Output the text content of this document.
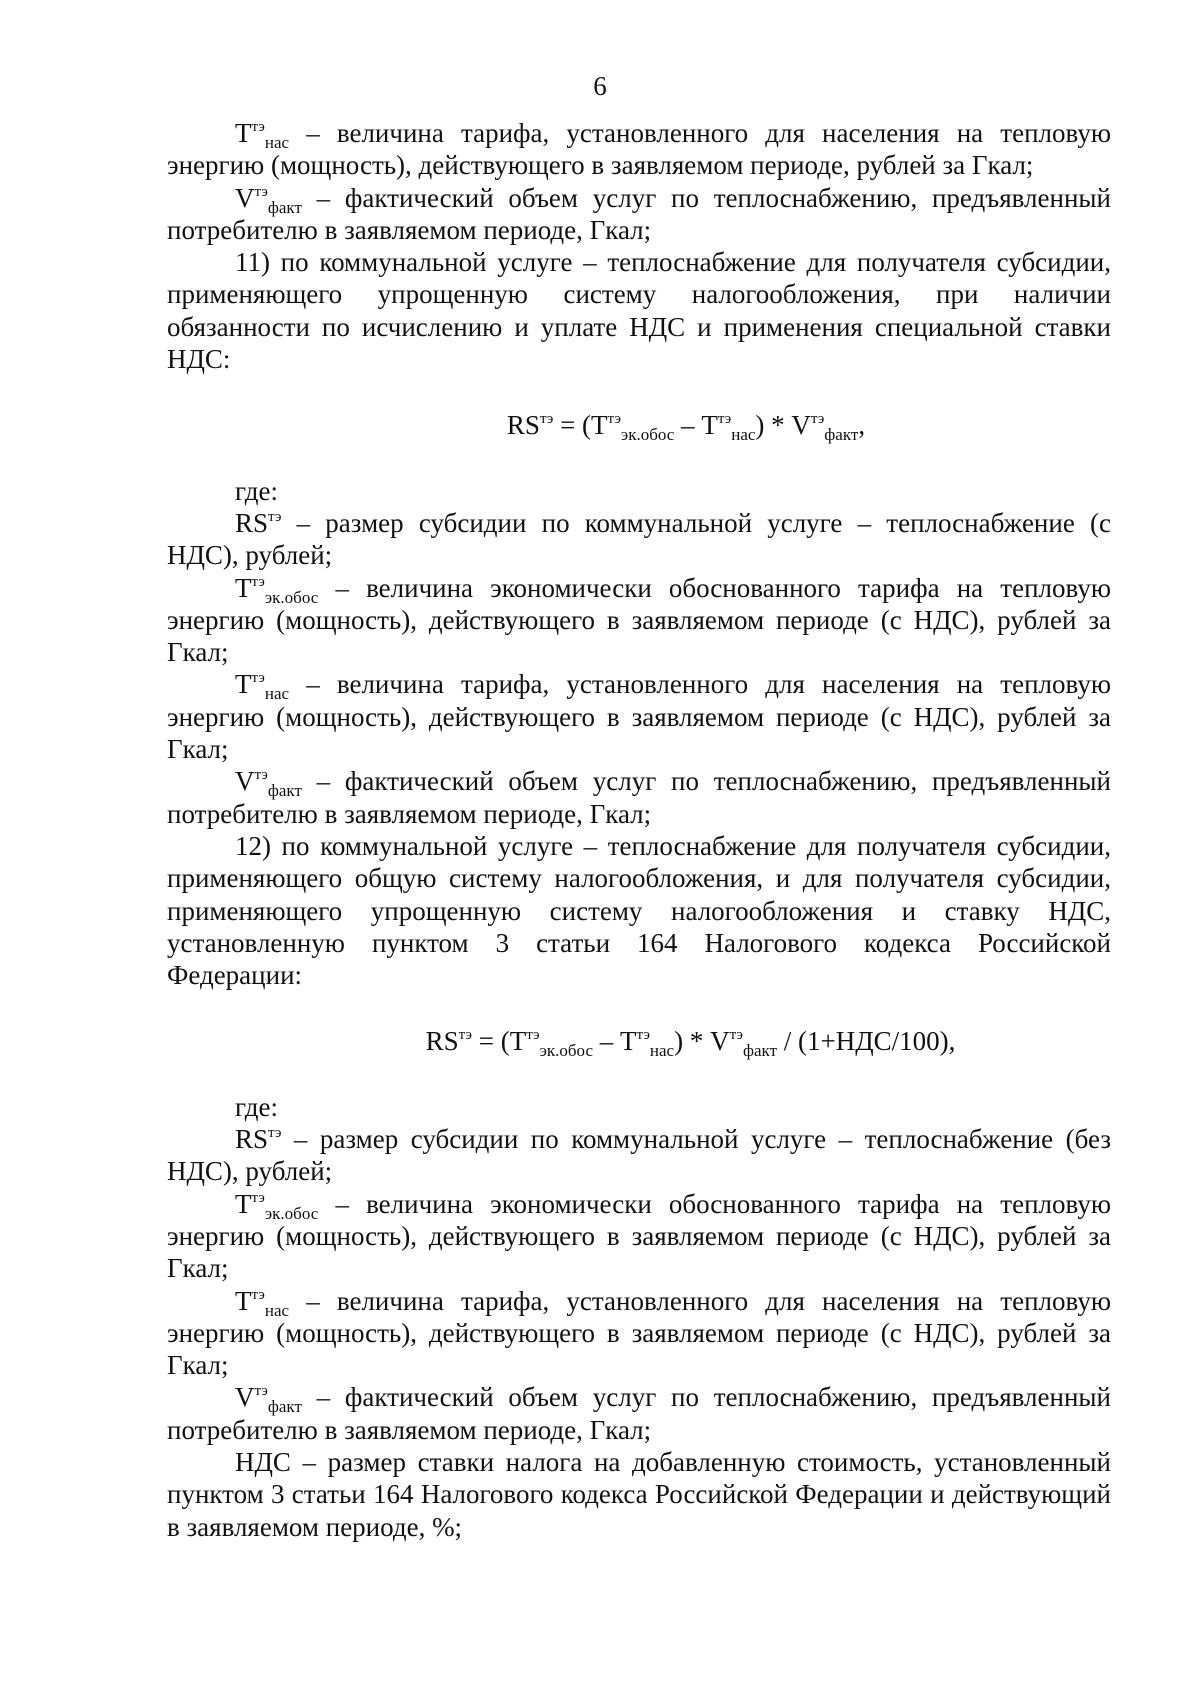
6

$Т^{тэ}_{нас}$ – величина тарифа, установленного для населения на тепловую энергию (мощность), действующего в заявляемом периоде, рублей за Гкал;

$V^{тэ}_{факт}$ – фактический объем услуг по теплоснабжению, предъявленный потребителю в заявляемом периоде, Гкал;

11) по коммунальной услуге – теплоснабжение для получателя субсидии, применяющего упрощенную систему налогообложения, при наличии обязанности по исчислению и уплате НДС и применения специальной ставки НДС:

$RS^{тэ} = (Т^{тэ}_{эк.обос} - Т^{тэ}_{нас}) * V^{тэ}_{факт}$,

где:

$RS^{тэ}$ – размер субсидии по коммунальной услуге – теплоснабжение (с НДС), рублей;

$Т^{тэ}_{эк.обос}$ – величина экономически обоснованного тарифа на тепловую энергию (мощность), действующего в заявляемом периоде (с НДС), рублей за Гкал;

$Т^{тэ}_{нас}$ – величина тарифа, установленного для населения на тепловую энергию (мощность), действующего в заявляемом периоде (с НДС), рублей за Гкал;

$V^{тэ}_{факт}$ – фактический объем услуг по теплоснабжению, предъявленный потребителю в заявляемом периоде, Гкал;

12) по коммунальной услуге – теплоснабжение для получателя субсидии, применяющего общую систему налогообложения, и для получателя субсидии, применяющего упрощенную систему налогообложения и ставку НДС, установленную пунктом 3 статьи 164 Налогового кодекса Российской Федерации:

$RS^{тэ} = (Т^{тэ}_{эк.обос} - Т^{тэ}_{нас}) * V^{тэ}_{факт} / (1+НДС/100)$,

где:

$RS^{тэ}$ – размер субсидии по коммунальной услуге – теплоснабжение (без НДС), рублей;

$Т^{тэ}_{эк.обос}$ – величина экономически обоснованного тарифа на тепловую энергию (мощность), действующего в заявляемом периоде (с НДС), рублей за Гкал;

$Т^{тэ}_{нас}$ – величина тарифа, установленного для населения на тепловую энергию (мощность), действующего в заявляемом периоде (с НДС), рублей за Гкал;

$V^{тэ}_{факт}$ – фактический объем услуг по теплоснабжению, предъявленный потребителю в заявляемом периоде, Гкал;

НДС – размер ставки налога на добавленную стоимость, установленный пунктом 3 статьи 164 Налогового кодекса Российской Федерации и действующий в заявляемом периоде, %;
